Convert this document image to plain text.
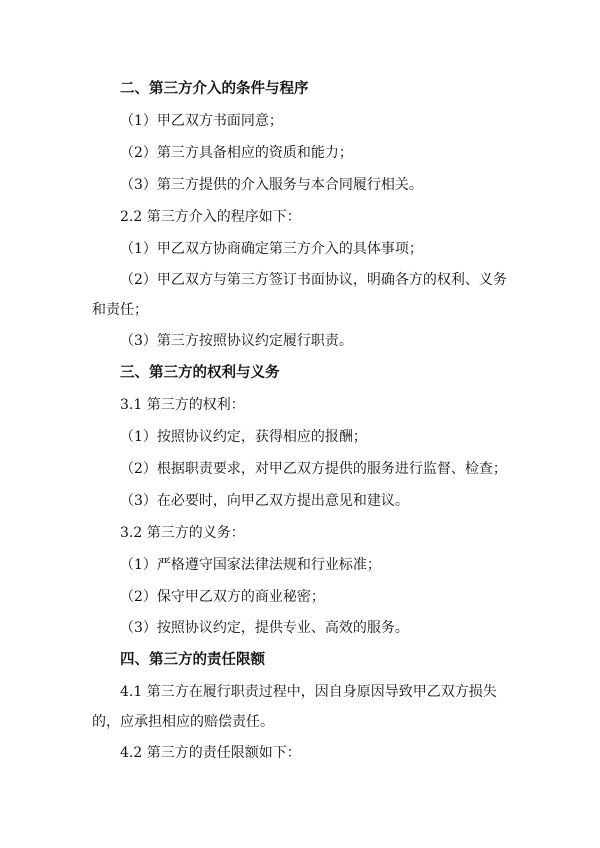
二、第三方介入的条件与程序
（1）甲乙双方书面同意；
（2）第三方具备相应的资质和能力；
（3）第三方提供的介入服务与本合同履行相关。
2.2 第三方介入的程序如下：
（1）甲乙双方协商确定第三方介入的具体事项；
（2）甲乙双方与第三方签订书面协议，明确各方的权利、义务
和责任；
（3）第三方按照协议约定履行职责。
三、第三方的权利与义务
3.1 第三方的权利：
（1）按照协议约定，获得相应的报酬；
（2）根据职责要求，对甲乙双方提供的服务进行监督、检查；
（3）在必要时，向甲乙双方提出意见和建议。
3.2 第三方的义务：
（1）严格遵守国家法律法规和行业标准；
（2）保守甲乙双方的商业秘密；
（3）按照协议约定，提供专业、高效的服务。
四、第三方的责任限额
4.1 第三方在履行职责过程中，因自身原因导致甲乙双方损失
的，应承担相应的赔偿责任。
4.2 第三方的责任限额如下：
